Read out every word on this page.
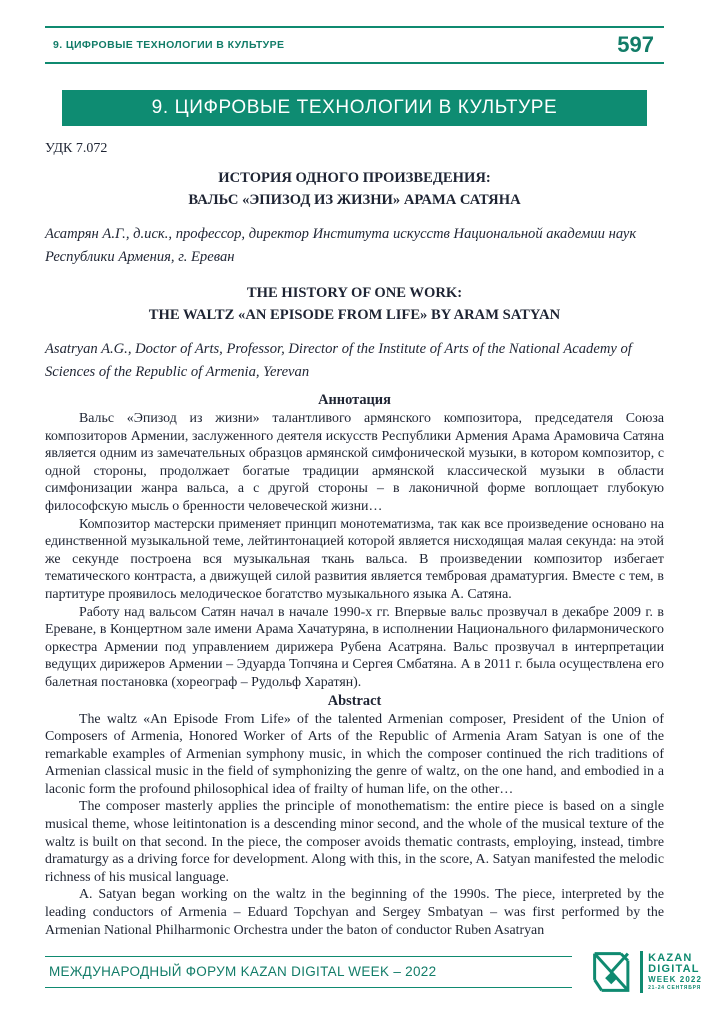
9. ЦИФРОВЫЕ ТЕХНОЛОГИИ В КУЛЬТУРЕ	597
9. ЦИФРОВЫЕ ТЕХНОЛОГИИ В КУЛЬТУРЕ
УДК 7.072
ИСТОРИЯ ОДНОГО ПРОИЗВЕДЕНИЯ:
ВАЛЬС «ЭПИЗОД ИЗ ЖИЗНИ» АРАМА САТЯНА
Асатрян А.Г., д.иск., профессор, директор Института искусств Национальной академии наук Республики Армения, г. Ереван
THE HISTORY OF ONE WORK:
THE WALTZ «AN EPISODE FROM LIFE» BY ARAM SATYAN
Asatryan A.G., Doctor of Arts, Professor, Director of the Institute of Arts of the National Academy of Sciences of the Republic of Armenia, Yerevan
Аннотация

Вальс «Эпизод из жизни» талантливого армянского композитора, председателя Союза композиторов Армении, заслуженного деятеля искусств Республики Армения Арама Арамовича Сатяна является одним из замечательных образцов армянской симфонической музыки, в котором композитор, с одной стороны, продолжает богатые традиции армянской классической музыки в области симфонизации жанра вальса, а с другой стороны – в лаконичной форме воплощает глубокую философскую мысль о бренности человеческой жизни…

Композитор мастерски применяет принцип монотематизма, так как все произведение основано на единственной музыкальной теме, лейтинтонацией которой является нисходящая малая секунда: на этой же секунде построена вся музыкальная ткань вальса. В произведении композитор избегает тематического контраста, а движущей силой развития является тембровая драматургия. Вместе с тем, в партитуре проявилось мелодическое богатство музыкального языка А. Сатяна.

Работу над вальсом Сатян начал в начале 1990-х гг. Впервые вальс прозвучал в декабре 2009 г. в Ереване, в Концертном зале имени Арама Хачатуряна, в исполнении Национального филармонического оркестра Армении под управлением дирижера Рубена Асатряна. Вальс прозвучал в интерпретации ведущих дирижеров Армении – Эдуарда Топчяна и Сергея Смбатяна. А в 2011 г. была осуществлена его балетная постановка (хореограф – Рудольф Харатян).

Abstract

The waltz «An Episode From Life» of the talented Armenian composer, President of the Union of Composers of Armenia, Honored Worker of Arts of the Republic of Armenia Aram Satyan is one of the remarkable examples of Armenian symphony music, in which the composer continued the rich traditions of Armenian classical music in the field of symphonizing the genre of waltz, on the one hand, and embodied in a laconic form the profound philosophical idea of frailty of human life, on the other…

The composer masterly applies the principle of monothematism: the entire piece is based on a single musical theme, whose leitintonation is a descending minor second, and the whole of the musical texture of the waltz is built on that second. In the piece, the composer avoids thematic contrasts, employing, instead, timbre dramaturgy as a driving force for development. Along with this, in the score, A. Satyan manifested the melodic richness of his musical language.

A. Satyan began working on the waltz in the beginning of the 1990s. The piece, interpreted by the leading conductors of Armenia – Eduard Topchyan and Sergey Smbatyan – was first performed by the Armenian National Philharmonic Orchestra under the baton of conductor Ruben Asatryan

МЕЖДУНАРОДНЫЙ ФОРУМ KAZAN DIGITAL WEEK – 2022
KAZAN
DIGITAL
WEEK 2022
21-24 СЕНТЯБРЯ
